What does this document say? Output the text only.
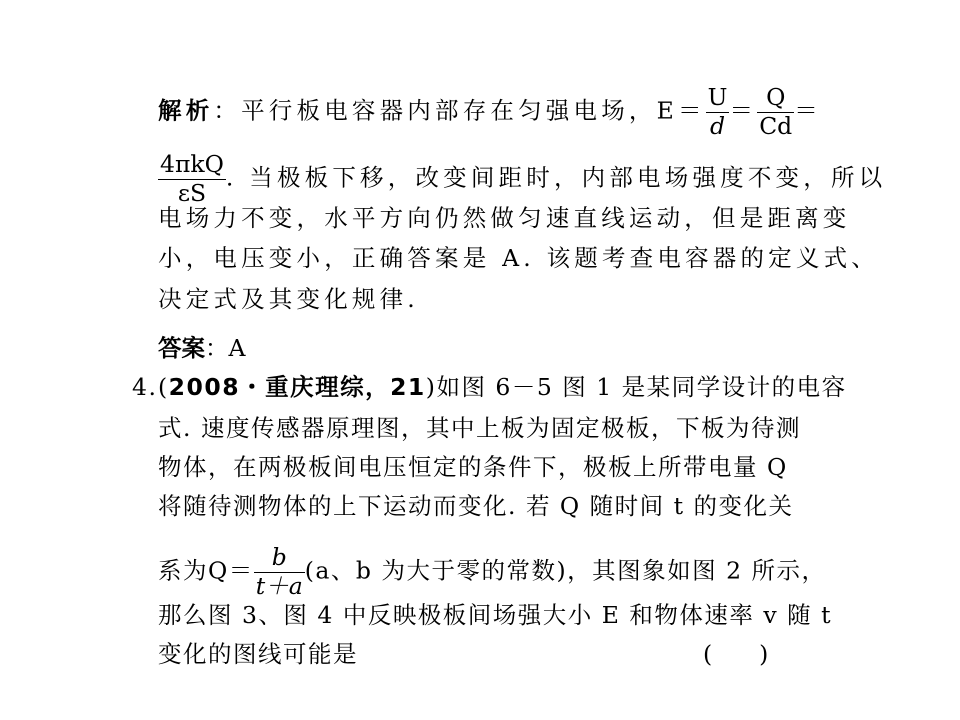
解析：平行板电容器内部存在匀强电场，$E= \frac{U}{d} = \frac{Q}{Cd}$ ＝
$\frac{\text{4πkQ}}{\varepsilon S}$ . 当极板下移，改变间距时，内部电场强度不变，所以
电场力不变，水平方向仍然做匀速直线运动，但是距离变
小，电压变小，正确答案是 A. 该题考查电容器的定义式、
决定式及其变化规律.
答案：A
4. (2008・重庆理综，21)如图 6－5 图 1 是某同学设计的电容
式. 速度传感器原理图，其中上板为固定极板，下板为待测
物体，在两极板间电压恒定的条件下，极板上所带电量 Q
将随待测物体的上下运动而变化. 若 Q 随时间 t 的变化关
系为$Q= \frac{b}{t+a} (a$、b 为大于零的常数)，其图象如图 2 所示，
那么图 3、图 4 中反映极板间场强大小 E 和物体速率 v 随 t
变化的图线可能是	(　　)
